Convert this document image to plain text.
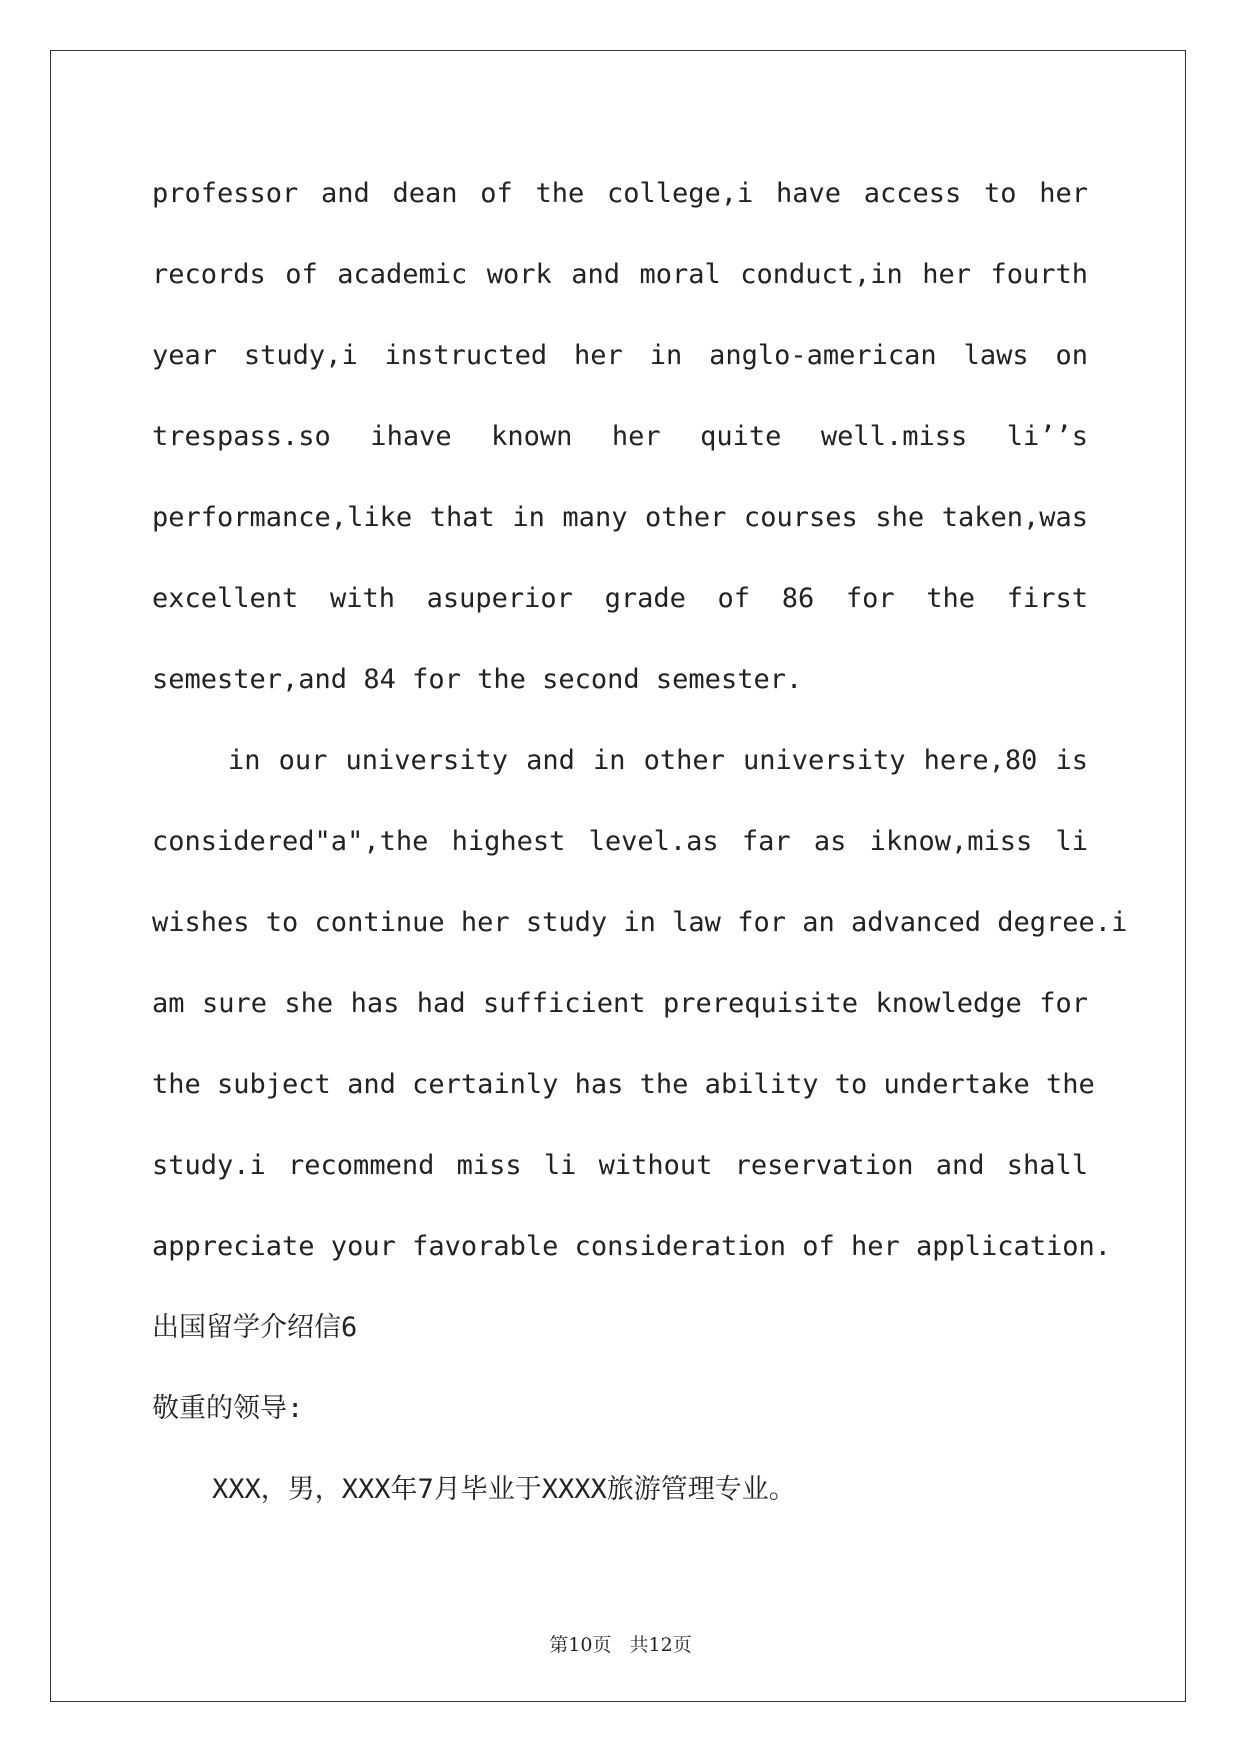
professor and dean of the college,i have access to her
records of academic work and moral conduct,in her fourth
year study,i instructed her in anglo-american laws on
trespass.so ihave known her quite well.miss li’’s
performance,like that in many other courses she taken,was
excellent with asuperior grade of 86 for the first
semester,and 84 for the second semester.
in our university and in other university here,80 is
considered"a",the highest level.as far as iknow,miss li
wishes to continue her study in law for an advanced degree.i
am sure she has had sufficient prerequisite knowledge for
the subject and certainly has the ability to undertake the
study.i recommend miss li without reservation and shall
appreciate your favorable consideration of her application.
出国留学介绍信6
敬重的领导:
XXX，男，XXX年7月毕业于XXXX旅游管理专业。
第10页 共12页
